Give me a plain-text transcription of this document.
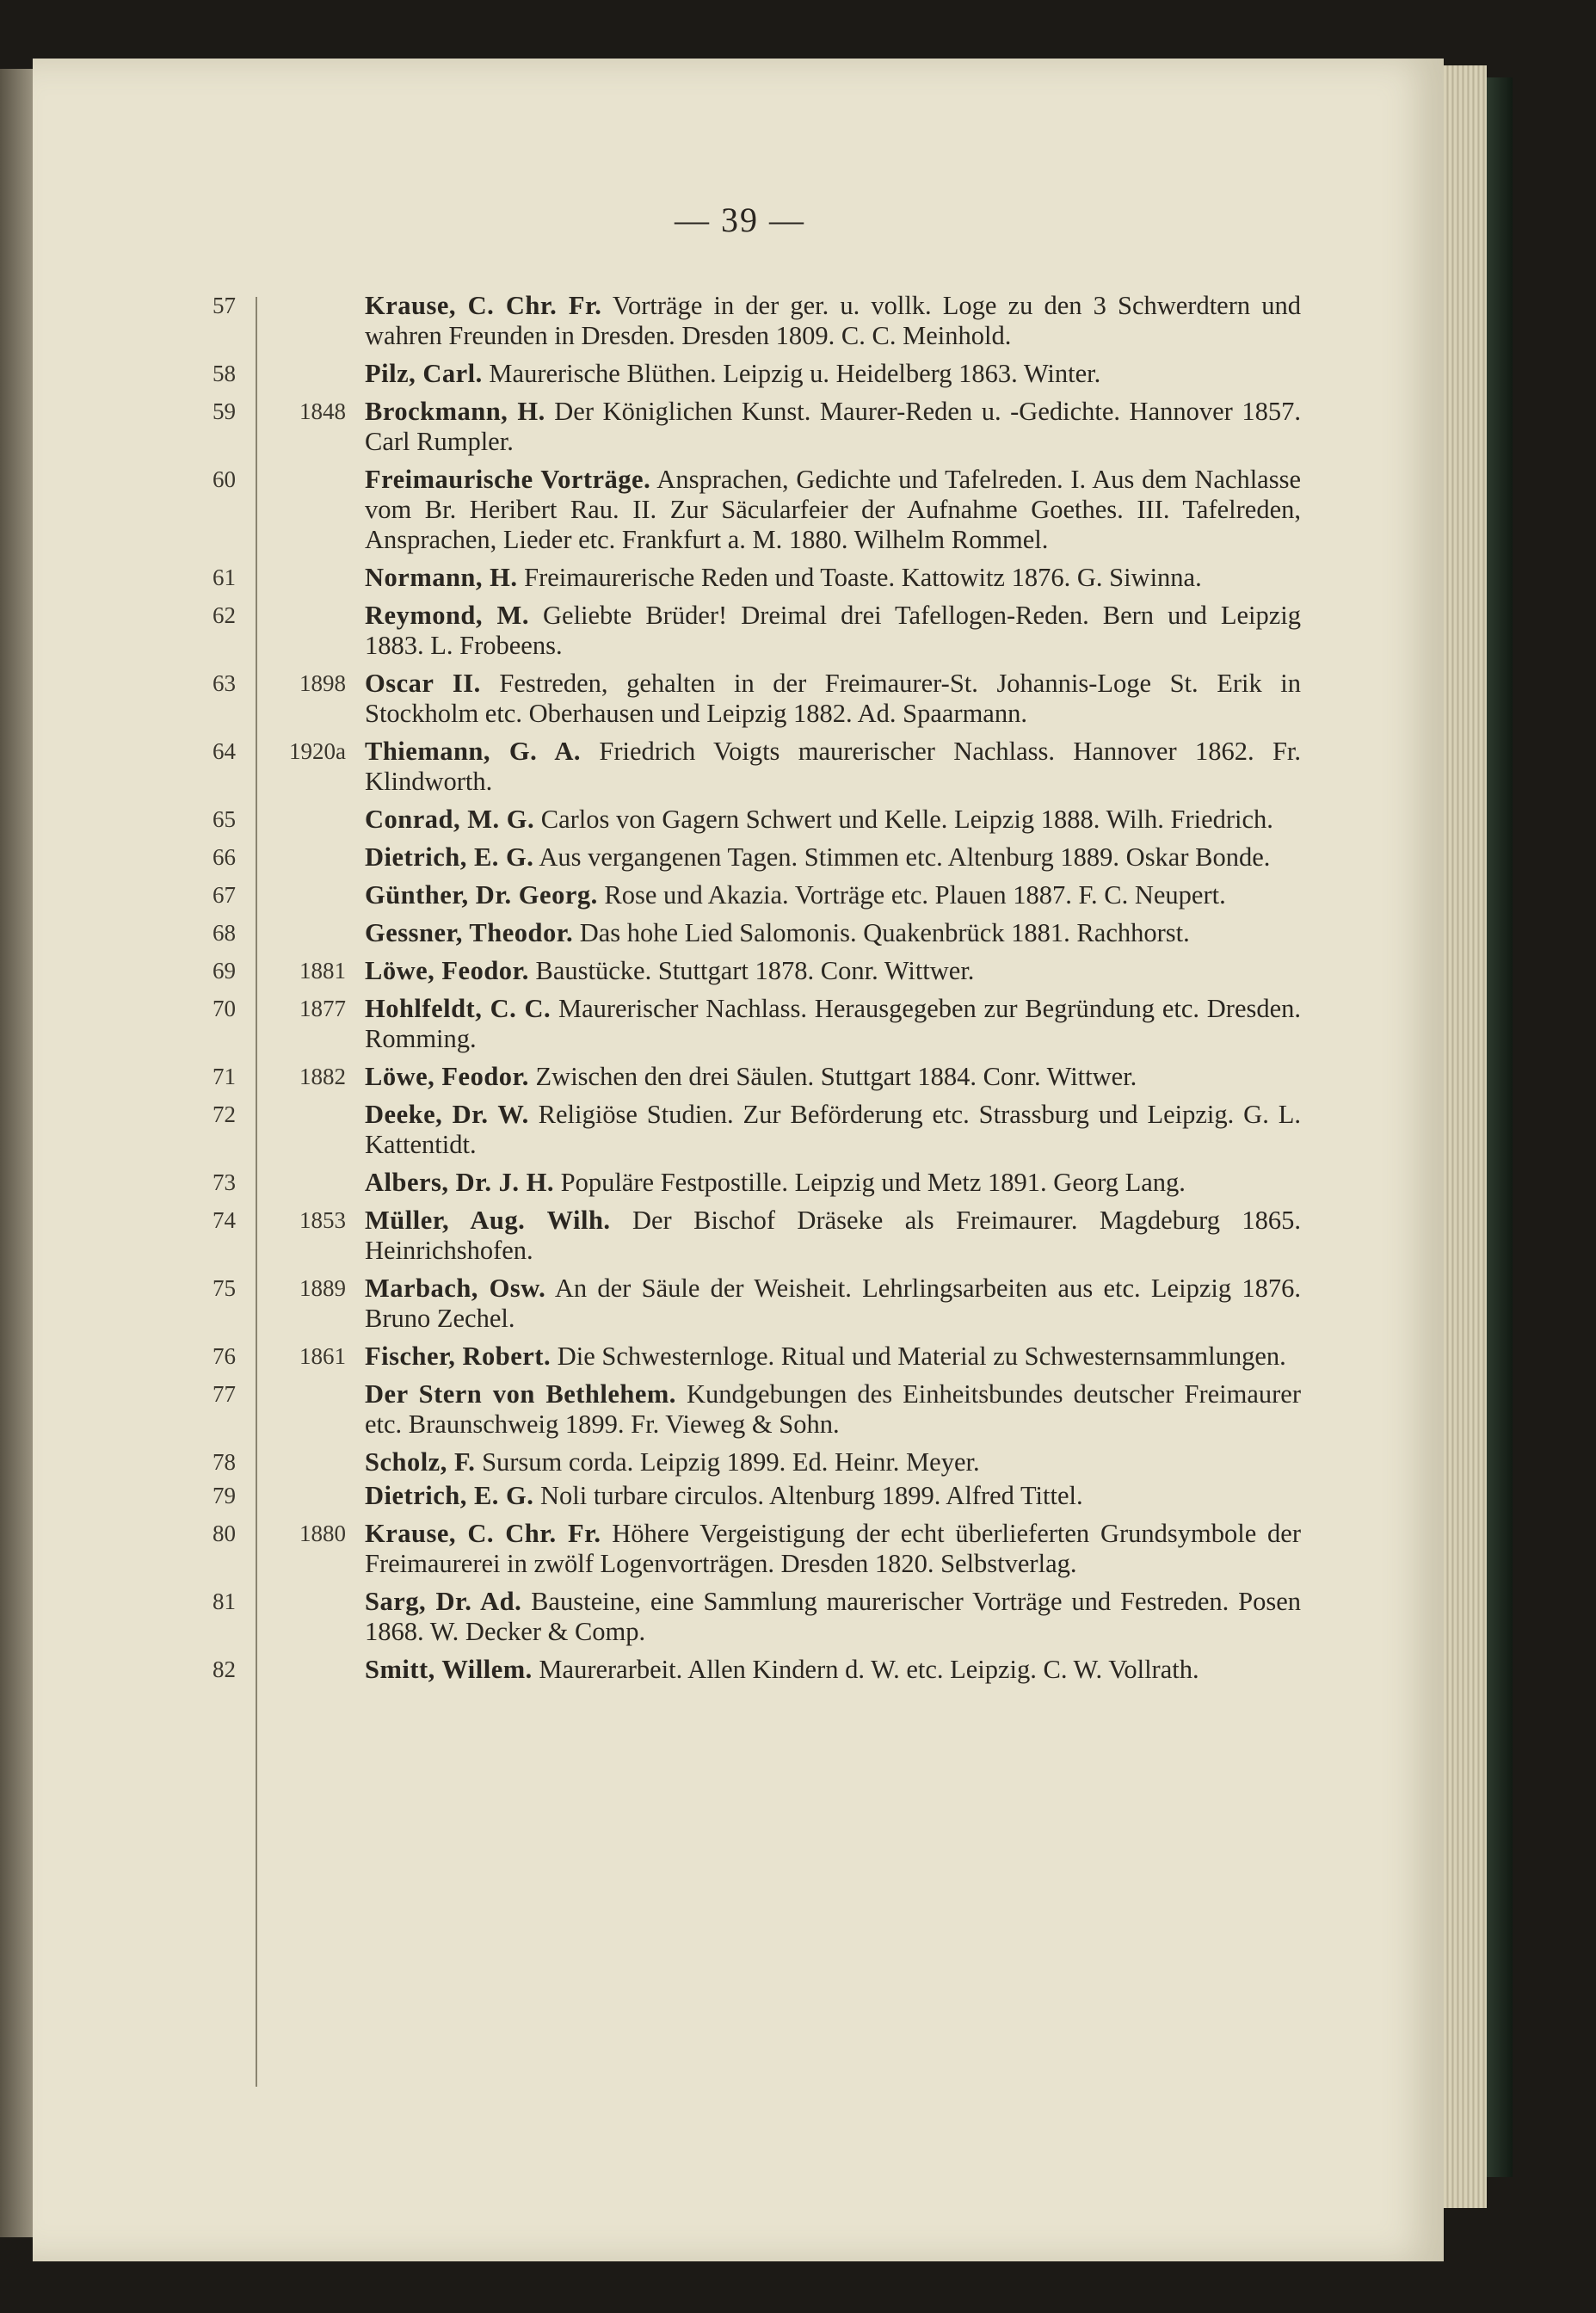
— 39 —
57	Krause, C. Chr. Fr. Vorträge in der ger. u. vollk. Loge zu den 3 Schwerdtern und wahren Freunden in Dresden. Dresden 1809. C. C. Meinhold.
58	Pilz, Carl. Maurerische Blüthen. Leipzig u. Heidelberg 1863. Winter.
59	1848 Brockmann, H. Der Königlichen Kunst. Maurer-Reden u. -Gedichte. Hannover 1857. Carl Rumpler.
60	Freimaurische Vorträge. Ansprachen, Gedichte und Tafelreden. I. Aus dem Nachlasse vom Br. Heribert Rau. II. Zur Säcularfeier der Aufnahme Goethes. III. Tafelreden, Ansprachen, Lieder etc. Frankfurt a. M. 1880. Wilhelm Rommel.
61	Normann, H. Freimaurerische Reden und Toaste. Kattowitz 1876. G. Siwinna.
62	Reymond, M. Geliebte Brüder! Dreimal drei Tafellogen-Reden. Bern und Leipzig 1883. L. Frobeens.
63	1898 Oscar II. Festreden, gehalten in der Freimaurer-St. Johannis-Loge St. Erik in Stockholm etc. Oberhausen und Leipzig 1882. Ad. Spaarmann.
64	1920a Thiemann, G. A. Friedrich Voigts maurerischer Nachlass. Hannover 1862. Fr. Klindworth.
65	Conrad, M. G. Carlos von Gagern Schwert und Kelle. Leipzig 1888. Wilh. Friedrich.
66	Dietrich, E. G. Aus vergangenen Tagen. Stimmen etc. Altenburg 1889. Oskar Bonde.
67	Günther, Dr. Georg. Rose und Akazia. Vorträge etc. Plauen 1887. F. C. Neupert.
68	Gessner, Theodor. Das hohe Lied Salomonis. Quakenbrück 1881. Rachhorst.
69	1881 Löwe, Feodor. Baustücke. Stuttgart 1878. Conr. Wittwer.
70	1877 Hohlfeldt, C. C. Maurerischer Nachlass. Herausgegeben zur Begründung etc. Dresden. Romming.
71	1882 Löwe, Feodor. Zwischen den drei Säulen. Stuttgart 1884. Conr. Wittwer.
72	Deeke, Dr. W. Religiöse Studien. Zur Beförderung etc. Strassburg und Leipzig. G. L. Kattentidt.
73	Albers, Dr. J. H. Populäre Festpostille. Leipzig und Metz 1891. Georg Lang.
74	1853 Müller, Aug. Wilh. Der Bischof Dräseke als Freimaurer. Magdeburg 1865. Heinrichshofen.
75	1889 Marbach, Osw. An der Säule der Weisheit. Lehrlingsarbeiten aus etc. Leipzig 1876. Bruno Zechel.
76	1861 Fischer, Robert. Die Schwesternloge. Ritual und Material zu Schwesternsammlungen.
77	Der Stern von Bethlehem. Kundgebungen des Einheitsbundes deutscher Freimaurer etc. Braunschweig 1899. Fr. Vieweg & Sohn.
78	Scholz, F. Sursum corda. Leipzig 1899. Ed. Heinr. Meyer.
79	Dietrich, E. G. Noli turbare circulos. Altenburg 1899. Alfred Tittel.
80	1880 Krause, C. Chr. Fr. Höhere Vergeistigung der echt überlieferten Grundsymbole der Freimaurerei in zwölf Logenvorträgen. Dresden 1820. Selbstverlag.
81	Sarg, Dr. Ad. Bausteine, eine Sammlung maurerischer Vorträge und Festreden. Posen 1868. W. Decker & Comp.
82	Smitt, Willem. Maurerarbeit. Allen Kindern d. W. etc. Leipzig. C. W. Vollrath.
